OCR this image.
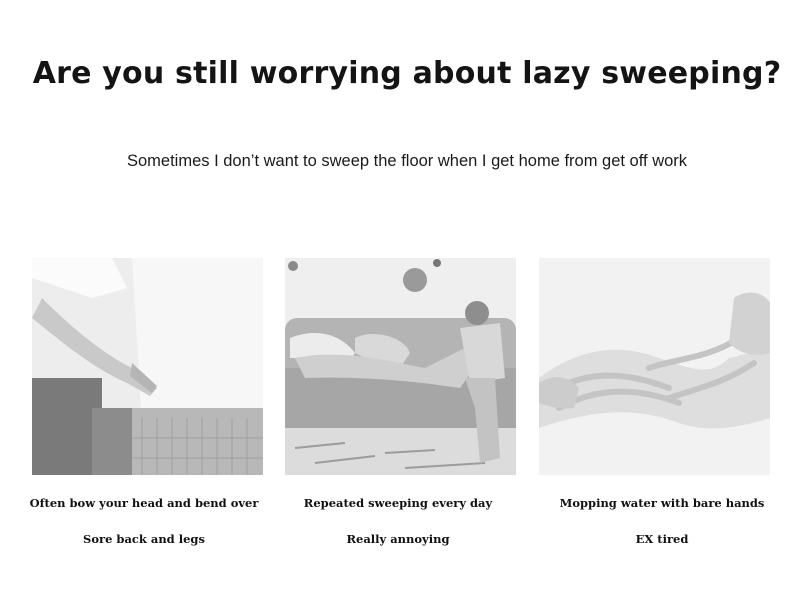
Are you still worrying about lazy sweeping?

Sometimes I don’t want to sweep the floor when I get home from get off work

Often bow your head and bend over
Sore back and legs
Repeated sweeping every day
Really annoying
Mopping water with bare hands
EX tired
